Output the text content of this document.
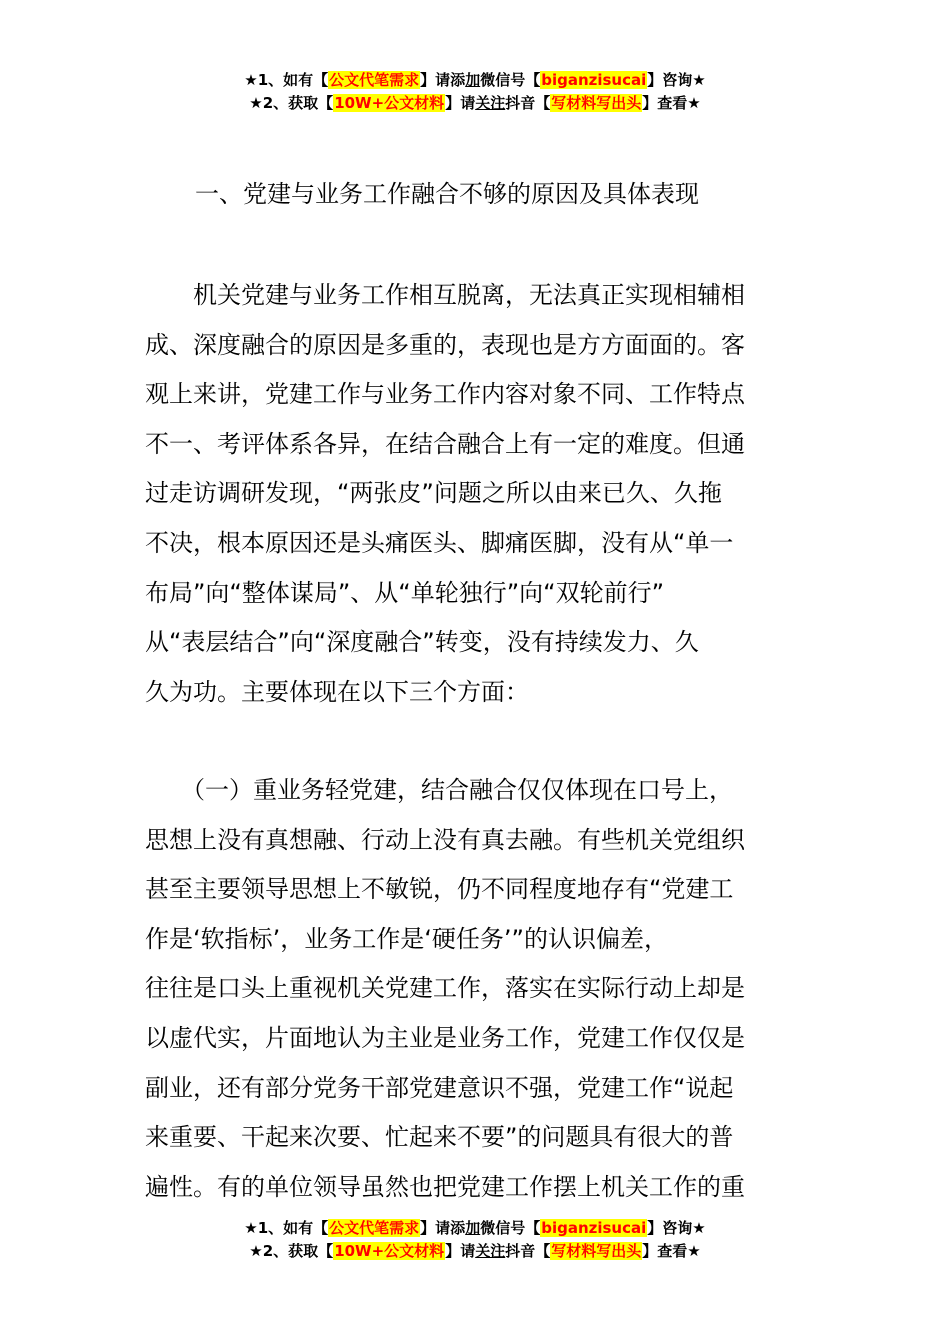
★1、如有【公文代笔需求】请添加微信号【biganzisucai】咨询★
★2、获取【10W+公文材料】请关注抖音【写材料写出头】查看★
一、党建与业务工作融合不够的原因及具体表现
　　机关党建与业务工作相互脱离，无法真正实现相辅相
成、深度融合的原因是多重的，表现也是方方面面的。客
观上来讲，党建工作与业务工作内容对象不同、工作特点
不一、考评体系各异，在结合融合上有一定的难度。但通
过走访调研发现，“两张皮”问题之所以由来已久、久拖
不决，根本原因还是头痛医头、脚痛医脚，没有从“单一
布局”向“整体谋局”、从“单轮独行”向“双轮前行”
从“表层结合”向“深度融合”转变，没有持续发力、久
久为功。主要体现在以下三个方面：
　　（一）重业务轻党建，结合融合仅仅体现在口号上，
思想上没有真想融、行动上没有真去融。有些机关党组织
甚至主要领导思想上不敏锐，仍不同程度地存有“党建工
作是‘软指标’，业务工作是‘硬任务’”的认识偏差，
往往是口头上重视机关党建工作，落实在实际行动上却是
以虚代实，片面地认为主业是业务工作，党建工作仅仅是
副业，还有部分党务干部党建意识不强，党建工作“说起
来重要、干起来次要、忙起来不要”的问题具有很大的普
遍性。有的单位领导虽然也把党建工作摆上机关工作的重
★1、如有【公文代笔需求】请添加微信号【biganzisucai】咨询★
★2、获取【10W+公文材料】请关注抖音【写材料写出头】查看★
